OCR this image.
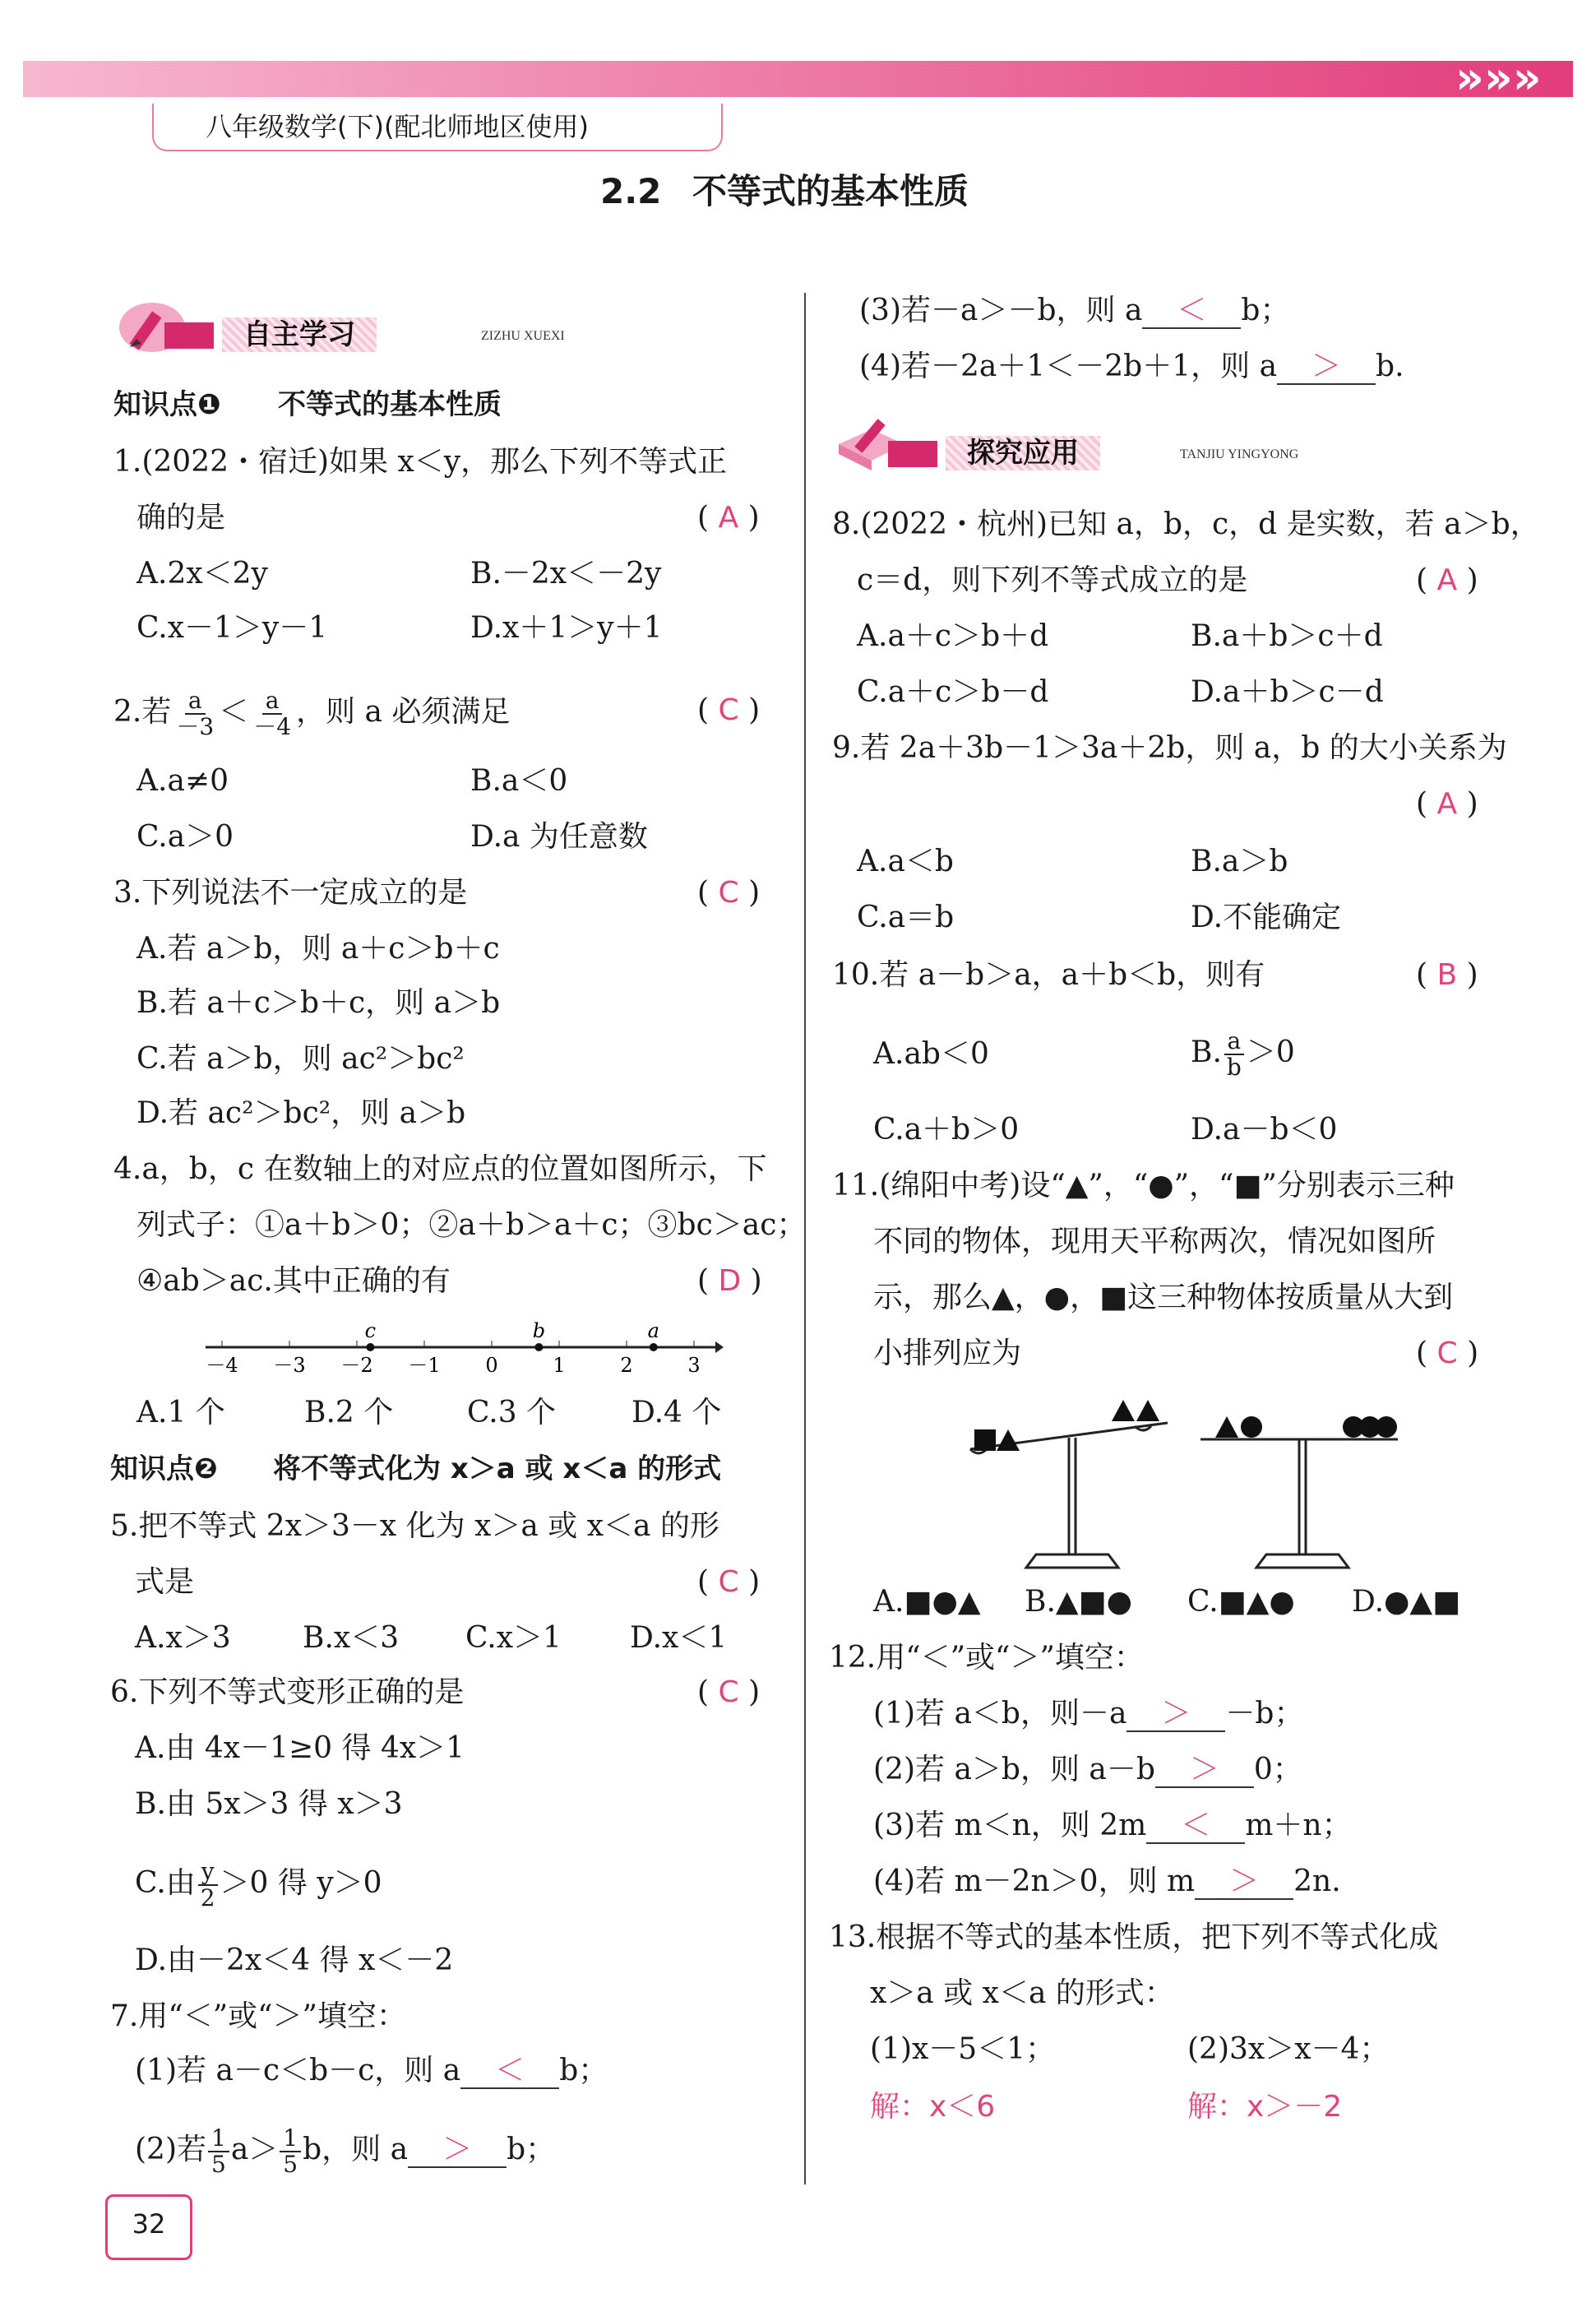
»»»
八年级数学(下)(配北师地区使用)
2.2 不等式的基本性质
自主学习	ZIZHU XUEXI
知识点❶ 不等式的基本性质
1.(2022・宿迁)如果 x＜y，那么下列不等式正
确的是	( A )
A.2x＜2y	B.－2x＜－2y
C.x－1＞y－1	D.x＋1＞y＋1
2.若 $\frac{a}{-3} < \frac{a}{-4}$ ，则 a 必须满足	( C )
A.a≠0	B.a＜0
C.a＞0	D.a 为任意数
3.下列说法不一定成立的是	( C )
A.若 a＞b，则 a＋c＞b＋c
B.若 a＋c＞b＋c，则 a＞b
C.若 a＞b，则 ac²＞bc²
D.若 ac²＞bc²，则 a＞b
4.a，b，c 在数轴上的对应点的位置如图所示，下
列式子：①a＋b＞0；②a＋b＞a＋c；③bc＞ac；
④ab＞ac.其中正确的有	( D )
－4 －3 －2 －1 0	1	2	3
c	b	a
A.1 个	B.2 个 C.3 个	D.4 个
知识点❷ 将不等式化为 x＞a 或 x＜a 的形式
5.把不等式 2x＞3－x 化为 x＞a 或 x＜a 的形
式是	( C )
A.x＞3 B.x＜3 C.x＞1 D.x＜1
6.下列不等式变形正确的是	( C )
A.由 4x－1≥0 得 4x＞1
B.由 5x＞3 得 x＞3
C.由 $\frac{y}{2} >0$ 得 y＞0
D.由－2x＜4 得 x＜－2
7.用“＜”或“＞”填空：
(1)若 a－c＜b－c，则 a ＜ b；
(2)若 $\frac{1}{5} a> \frac{1}{5}$ b，则 a ＞ b；
32
(3)若－a＞－b，则 a ＜ b；
(4)若－2a＋1＜－2b＋1，则 a ＞ b.
探究应用	TANJIU YINGYONG
8.(2022・杭州)已知 a，b，c，d 是实数，若 a＞b，
c＝d，则下列不等式成立的是	( A )
A.a＋c＞b＋d	B.a＋b＞c＋d
C.a＋c＞b－d	D.a＋b＞c－d
9.若 2a＋3b－1＞3a＋2b，则 a，b 的大小关系为
( A )
A.a＜b	B.a＞b
C.a＝b	D.不能确定
10.若 a－b＞a，a＋b＜b，则有	( B )
A.ab＜0	B. $\frac{a}{b} >0$
C.a＋b＞0	D.a－b＜0
11.(绵阳中考)设“▲”，“●”，“■”分别表示三种
不同的物体，现用天平称两次，情况如图所
示，那么▲，●，■这三种物体按质量从大到
小排列应为	( C )
A.■●▲ B.▲■● C.■▲● D.●▲■
12.用“＜”或“＞”填空：
(1)若 a＜b，则－a ＞ －b；
(2)若 a＞b，则 a－b ＞ 0；
(3)若 m＜n，则 2m ＜ m＋n；
(4)若 m－2n＞0，则 m ＞ 2n.
13.根据不等式的基本性质，把下列不等式化成
x＞a 或 x＜a 的形式：
(1)x－5＜1；	(2)3x＞x－4；
解：x＜6	解：x＞－2
